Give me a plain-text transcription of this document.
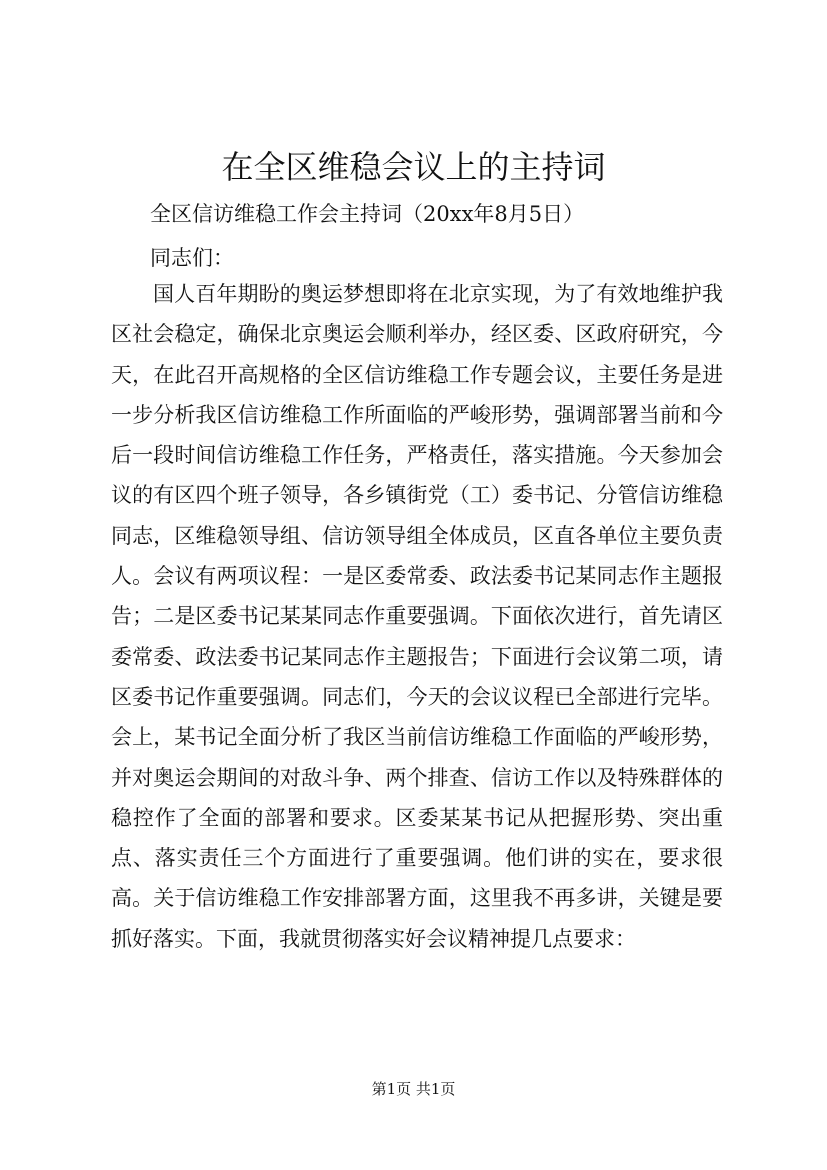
在全区维稳会议上的主持词

全区信访维稳工作会主持词（20xx年8月5日）

同志们：

国人百年期盼的奥运梦想即将在北京实现，为了有效地维护我区社会稳定，确保北京奥运会顺利举办，经区委、区政府研究，今天，在此召开高规格的全区信访维稳工作专题会议，主要任务是进一步分析我区信访维稳工作所面临的严峻形势，强调部署当前和今后一段时间信访维稳工作任务，严格责任，落实措施。今天参加会议的有区四个班子领导，各乡镇街党（工）委书记、分管信访维稳同志，区维稳领导组、信访领导组全体成员，区直各单位主要负责人。会议有两项议程：一是区委常委、政法委书记某同志作主题报告；二是区委书记某某同志作重要强调。下面依次进行，首先请区委常委、政法委书记某同志作主题报告；下面进行会议第二项，请区委书记作重要强调。同志们，今天的会议议程已全部进行完毕。会上，某书记全面分析了我区当前信访维稳工作面临的严峻形势，并对奥运会期间的对敌斗争、两个排查、信访工作以及特殊群体的稳控作了全面的部署和要求。区委某某书记从把握形势、突出重点、落实责任三个方面进行了重要强调。他们讲的实在，要求很高。关于信访维稳工作安排部署方面，这里我不再多讲，关键是要抓好落实。下面，我就贯彻落实好会议精神提几点要求：

第1页 共1页
